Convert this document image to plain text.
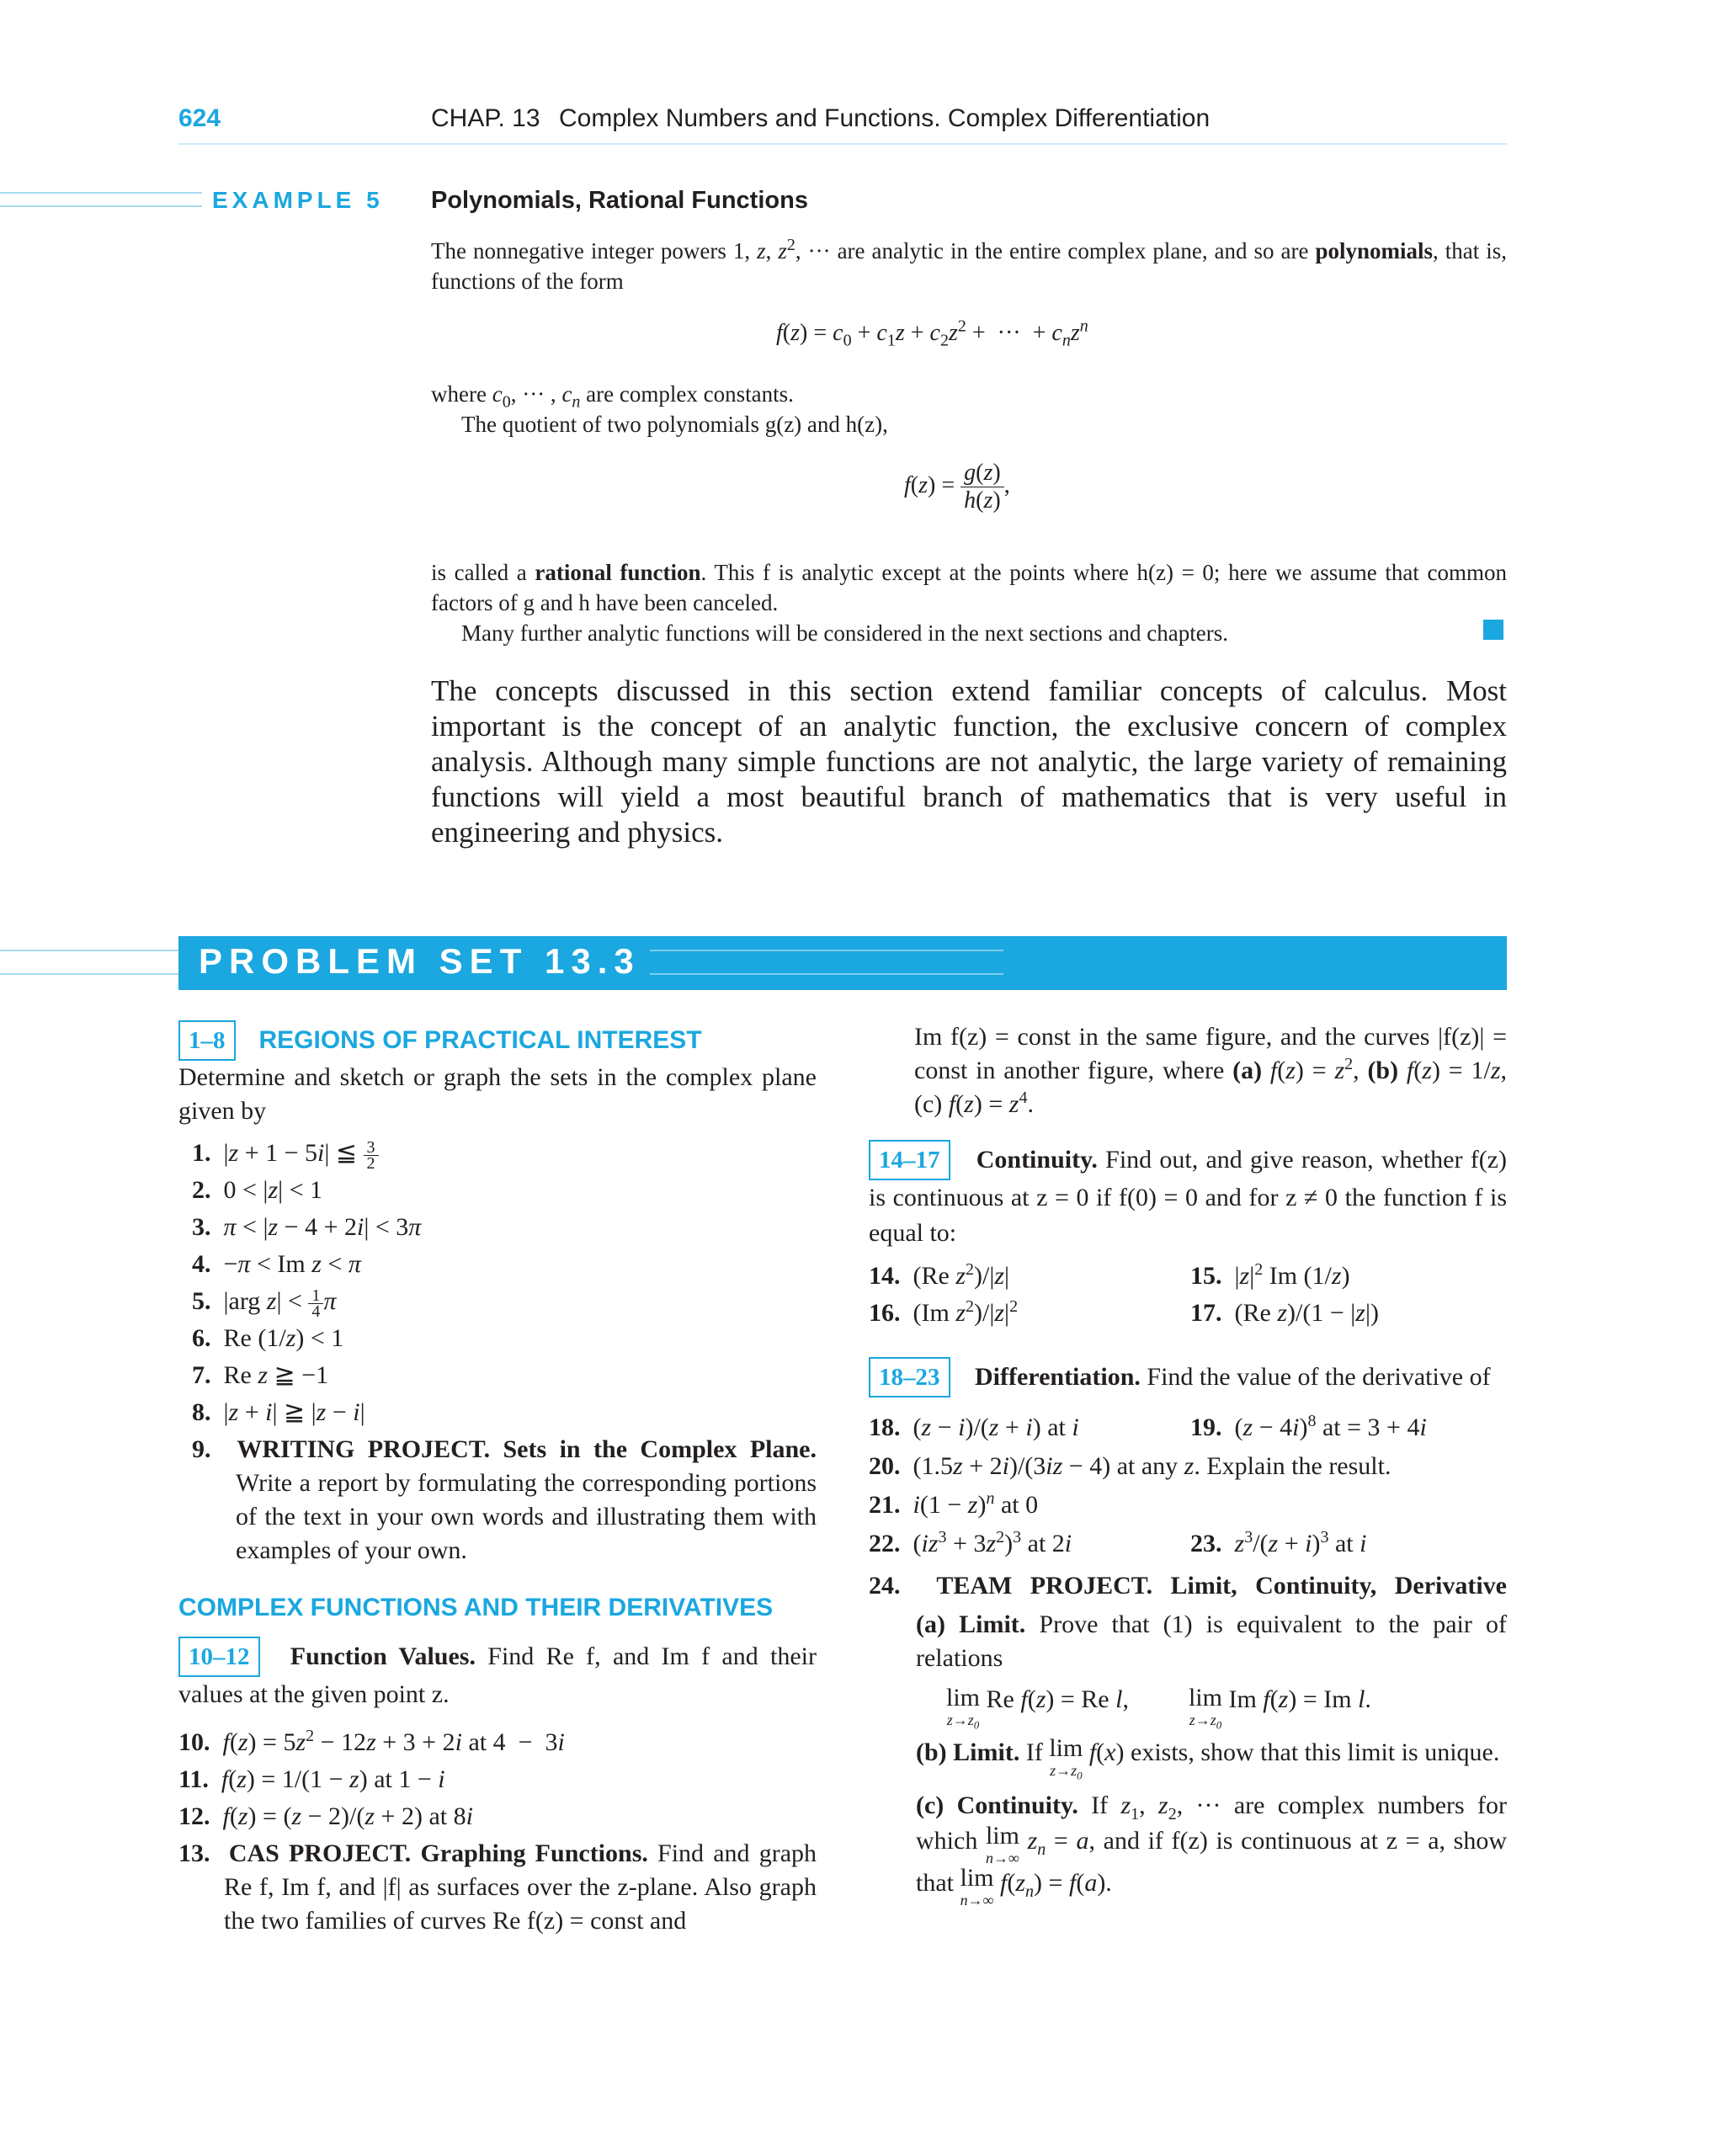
624	CHAP. 13 Complex Numbers and Functions. Complex Differentiation
EXAMPLE 5 Polynomials, Rational Functions

The nonnegative integer powers 1, z, $z^2$, ··· are analytic in the entire complex plane, and so are polynomials, that is, functions of the form

$f(z) = c_0 + c_1z + c_2z^2$ +  ···  + $c_nz^n$

where $c_0$, ··· , $c_n$ are complex constants.

The quotient of two polynomials g(z) and h(z),

$f(z) = \frac{g(z)}{h(z)}$ ,

is called a rational function. This f is analytic except at the points where h(z) = 0; here we assume that common factors of g and h have been canceled.

Many further analytic functions will be considered in the next sections and chapters.

The concepts discussed in this section extend familiar concepts of calculus. Most important is the concept of an analytic function, the exclusive concern of complex analysis. Although many simple functions are not analytic, the large variety of remaining functions will yield a most beautiful branch of mathematics that is very useful in engineering and physics.
PROBLEM SET 13.3
1–8 REGIONS OF PRACTICAL INTEREST
Determine and sketch or graph the sets in the complex plane given by
1.  |z + 1 − 5i| ≦ $\frac{3}{2}$
2.  0 < |z| < 1
3. π < |z − 4 + 2i| < 3π
4.  −π < Im z < π
5.  |arg $z| < \frac{1}{4}$ π
6.  Re (1/z) < 1
7.  Re z ≧ −1
8.  |z + i| ≧ |z − i|
9. WRITING PROJECT. Sets in the Complex Plane. Write a report by formulating the corresponding portions of the text in your own words and illustrating them with examples of your own.
COMPLEX FUNCTIONS AND THEIR DERIVATIVES
10–12 Function Values. Find Re f, and Im f and their values at the given point z.
10. $f(z) = 5z^2 - 12z + 3 + 2i$ at 4  −  3i
11. f(z) = 1/(1 − z) at 1 − i
12. f(z) = (z − 2)/(z + 2) at 8i
13. CAS PROJECT. Graphing Functions. Find and graph Re f, Im f, and |f| as surfaces over the z-plane. Also graph the two families of curves Re f(z) = const and
Im f(z) = const in the same figure, and the curves |f(z)| = const in another figure, where (a) $f(z) = z^2$, (b) f(z) = 1/z, (c) $f(z) = z^4$.
14–17 Continuity. Find out, and give reason, whether f(z) is continuous at z = 0 if f(0) = 0 and for z ≠ 0 the function f is equal to:
14.  (Re $z^2)/|z|$	15.  $|z|^2$ Im (1/z)
16.  (Im $z^2)/|z|^2$	17.  (Re z)/(1 − |z|)
18–23 Differentiation. Find the value of the derivative of
18.  (z − i)/(z + i) at i	19.  $(z - 4i)^8$ at = 3 + 4i
20.  (1.5z + 2i)/(3iz − 4) at any z. Explain the result.
21. $i(1 - z)^n$ at 0
22.  $(iz^3 + 3z^2)^3$ at 2i	23. $z^3/(z + i)^3$ at i
24. TEAM PROJECT. Limit, Continuity, Derivative
(a) Limit. Prove that (1) is equivalent to the pair of relations
lim
$z\to z_0$
Re f(z) = Re l,  lim
$z\to z_0$
Im f(z) = Im l.
(b) Limit. If lim
$z\to z_0$
f(x) exists, show that this limit is unique.
(c) Continuity. If $z_1$, $z_2$, ··· are complex numbers for which lim
n→∞
$z_n = a$, and if f(z) is continuous at z = a, show that lim
n→∞
$f(z_n) = f(a)$.
